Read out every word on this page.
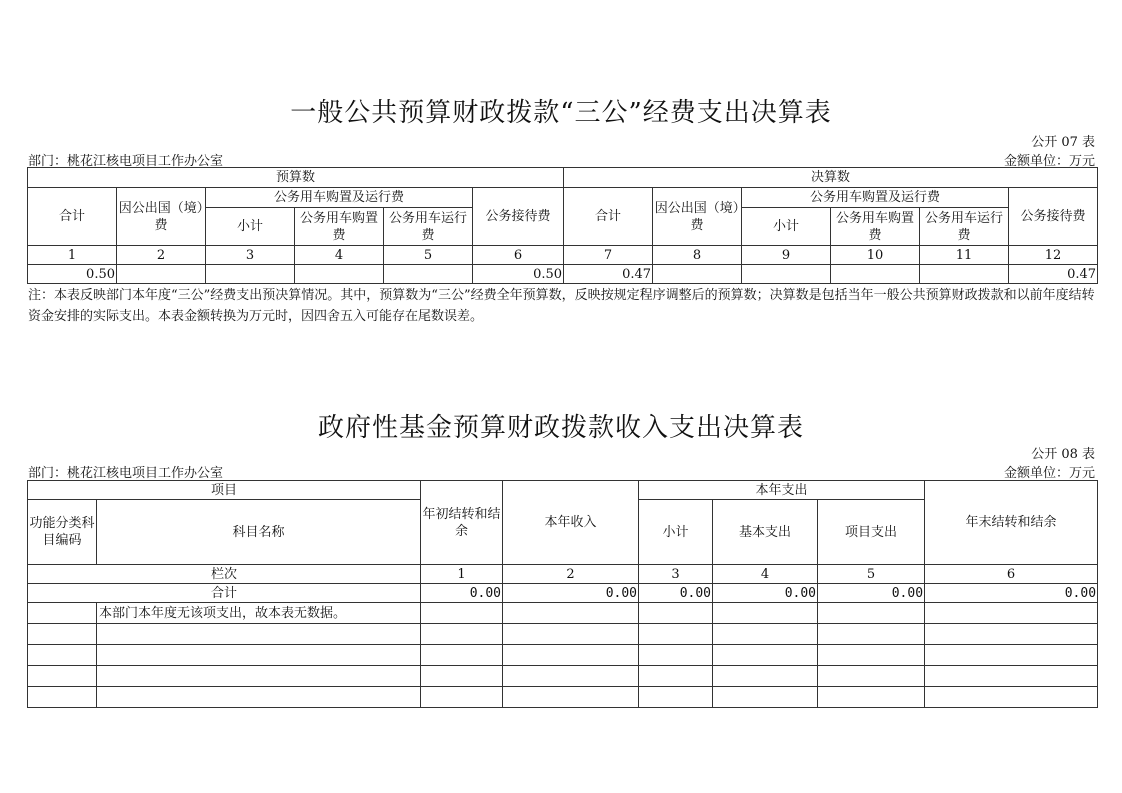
一般公共预算财政拨款“三公”经费支出决算表
公开 07 表
部门：桃花江核电项目工作办公室	金额单位：万元
预算数						决算数					
合计	因公出国（境）费	公务用车购置及运行费			公务接待费	合计	因公出国（境）费	公务用车购置及运行费			公务接待费
		小计	公务用车购置费	公务用车运行费				小计	公务用车购置费	公务用车运行费	
1	2	3	4	5	6	7	8	9	10	11	12
0.50					0.50	0.47					0.47
注：本表反映部门本年度“三公”经费支出预决算情况。其中，预算数为“三公”经费全年预算数，反映按规定程序调整后的预算数；决算数是包括当年一般公共预算财政拨款和以前年度结转资金安排的实际支出。本表金额转换为万元时，因四舍五入可能存在尾数误差。
政府性基金预算财政拨款收入支出决算表
公开 08 表
部门：桃花江核电项目工作办公室	金额单位：万元
项目		年初结转和结余	本年收入	本年支出			年末结转和结余
功能分类科目编码	科目名称			小计	基本支出	项目支出	
栏次		1	2	3	4	5	6
合计		0.00	0.00	0.00	0.00	0.00	0.00
	本部门本年度无该项支出，故本表无数据。						
